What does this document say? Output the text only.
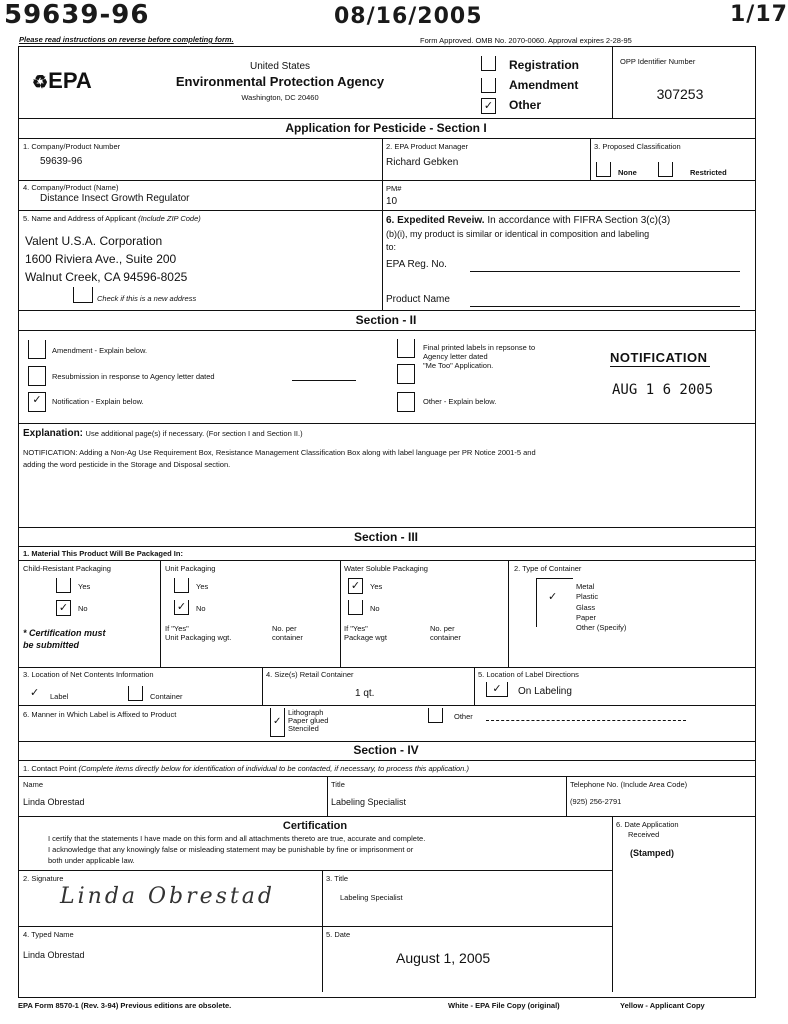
59639-96	08/16/2005	1/17
Please read instructions on reverse before completing form.	Form Approved. OMB No. 2070-0060. Approval expires 2-28-95
♻EPA
United States
Environmental Protection Agency
Washington, DC 20460
Registration
Amendment
✓ Other
OPP Identifier Number
307253
Application for Pesticide - Section I
1. Company/Product Number
59639-96
2. EPA Product Manager
Richard Gebken
3. Proposed Classification
None	Restricted
4. Company/Product (Name)
Distance Insect Growth Regulator
PM#
10
5. Name and Address of Applicant (Include ZIP Code)
Valent U.S.A. Corporation
1600 Riviera Ave., Suite 200
Walnut Creek, CA 94596-8025
Check if this is a new address
6. Expedited Reveiw. In accordance with FIFRA Section 3(c)(3)
(b)(i), my product is similar or identical in composition and labeling
to:
EPA Reg. No.
Product Name
Section - II
Amendment - Explain below.
Resubmission in response to Agency letter dated
✓	Notification - Explain below.
Final printed labels in repsonse to
Agency letter dated
"Me Too" Application.
Other - Explain below.
NOTIFICATION
AUG 1 6 2005
Explanation: Use additional page(s) if necessary. (For section I and Section II.)
NOTIFICATION: Adding a Non-Ag Use Requirement Box, Resistance Management Classification Box along with label language per PR Notice 2001-5 and
adding the word pesticide in the Storage and Disposal section.
Section - III
1. Material This Product Will Be Packaged In:
Child-Resistant Packaging
Yes
✓	No
* Certification must
be submitted
Unit Packaging
Yes
✓	No
If "Yes"
Unit Packaging wgt.
No. per
container
Water Soluble Packaging
✓	Yes
No
If "Yes"
Package wgt
No. per
container
2. Type of Container
✓
Metal
Plastic
Glass
Paper
Other (Specify)
3. Location of Net Contents Information
✓ Label	Container
4. Size(s) Retail Container
1 qt.
5. Location of Label Directions
✓	On Labeling
6. Manner in Which Label is Affixed to Product
✓
Lithograph
Paper glued
Stenciled
Other
Section - IV
1. Contact Point (Complete items directly below for identification of individual to be contacted, if necessary, to process this application.)
Name
Linda Obrestad
Title
Labeling Specialist
Telephone No. (Include Area Code)
(925) 256-2791
Certification
I certify that the statements I have made on this form and all attachments thereto are true, accurate and complete.
I acknowledge that any knowingly false or misleading statement may be punishable by fine or imprisonment or
both under applicable law.
6. Date Application
Received
(Stamped)
2. Signature
Linda Obrestad
3. Title
Labeling Specialist
4. Typed Name
Linda Obrestad
5. Date
August 1, 2005
EPA Form 8570-1 (Rev. 3-94) Previous editions are obsolete.	White - EPA File Copy (original)	Yellow - Applicant Copy
